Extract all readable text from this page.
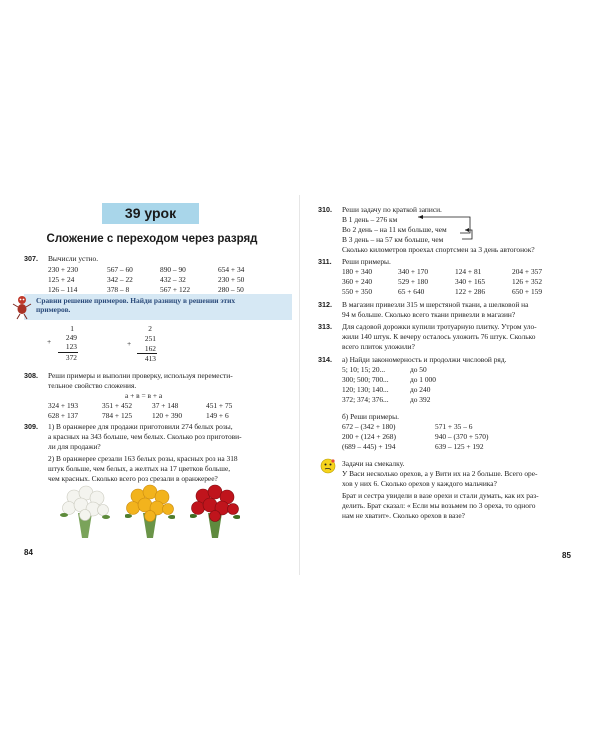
39 урок
Сложение с переходом через разряд
307. Вычисли устно.
230 + 230	567 – 60	890 – 90	654 + 34
125 + 24	342 – 22	432 – 32	230 + 50
126 – 114	378 – 8	567 + 122	280 – 50
Сравни решение примеров. Найди разницу в решении этих
примеров.
1
+	249
123
372
2
+
251
162
413
308. Реши примеры и выполни проверку, используя перемести-
тельное свойство сложения.
a + в = в + a
324 + 193	351 + 452	37 + 148	451 + 75
628 + 137	784 + 125	120 + 390	149 + 6
309. 1) В оранжерее для продажи приготовили 274 белых розы,
а красных на 343 больше, чем белых. Сколько роз приготови-
ли для продажи?
2) В оранжерее срезали 163 белых розы, красных роз на 318
штук больше, чем белых, а желтых на 17 цветков больше,
чем красных. Сколько всего роз срезали в оранжерее?
84
310. Реши задачу по краткой записи.
В 1 день – 276 км
Во 2 день – на 11 км больше, чем
В 3 день – на 57 км больше, чем
Сколько километров проехал спортсмен за 3 день автогонок?
311. Реши примеры.
180 + 340	340 + 170	124 + 81	204 + 357
360 + 240	529 + 180	340 + 165	126 + 352
550 + 350	65 + 640	122 + 286	650 + 159
312. В магазин привезли 315 м шерстяной ткани, а шелковой на
94 м больше. Сколько всего ткани привезли в магазин?
313. Для садовой дорожки купили тротуарную плитку. Утром уло-
жили 140 штук. К вечеру осталось уложить 76 штук. Сколько
всего плиток уложили?
314. а) Найди закономерность и продолжи числовой ряд.
5; 10; 15; 20...	до 50
300; 500; 700...	до 1 000
120; 130; 140...	до 240
372; 374; 376...	до 392
б) Реши примеры.
672 – (342 + 180)	571 + 35 – 6
200 + (124 + 268)	940 – (370 + 570)
(689 – 445) + 194	639 – 125 + 192
Задачи на смекалку.
У Васи несколько орехов, а у Вити их на 2 больше. Всего оре-
хов у них 6. Сколько орехов у каждого мальчика?
Брат и сестра увидели в вазе орехи и стали думать, как их раз-
делить. Брат сказал: « Если мы возьмем по 3 ореха, то одного
нам не хватит». Сколько орехов в вазе?
85
